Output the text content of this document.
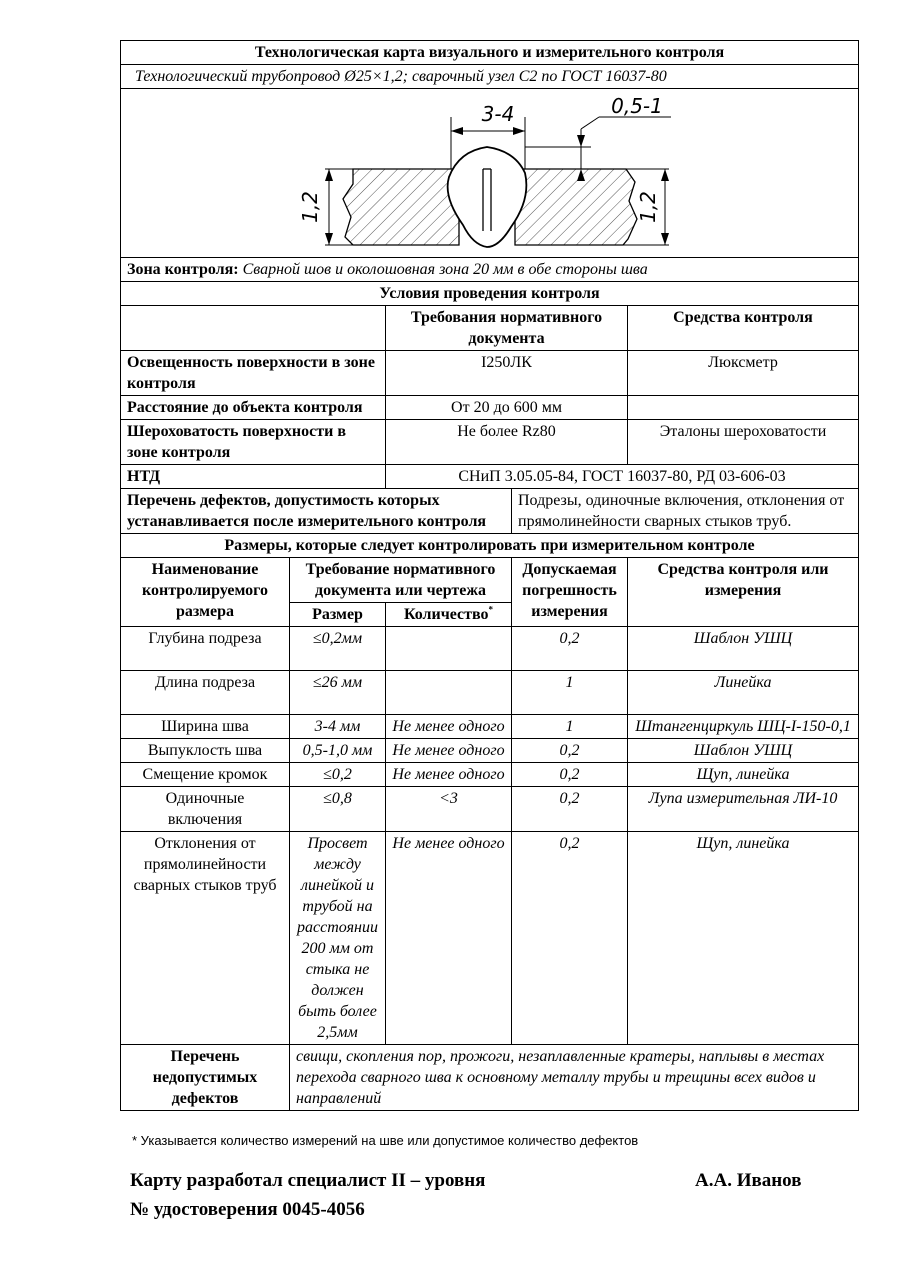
Технологическая карта визуального и измерительного контроля				
Технологический трубопровод Ø25×1,2; сварочный узел С2 по ГОСТ 16037-80				

3-4 0,5-1
1,2 1,2				

Зона контроля: Сварной шов и околошовная зона 20 мм в обе стороны шва				
Условия проведения контроля				
		Требования нормативного документа		Средства контроля
Освещенность поверхности в зоне контроля		I250ЛК		Люксметр
Расстояние до объекта контроля		От 20 до 600 мм		
Шероховатость поверхности в зоне контроля		Не более Rz80		Эталоны шероховатости
НТД		СНиП 3.05.05-84, ГОСТ 16037-80, РД 03-606-03		
Перечень дефектов, допустимость которых устанавливается после измерительного контроля			Подрезы, одиночные включения, отклонения от прямолинейности сварных стыков труб.	
Размеры, которые следует контролировать при измерительном контроле				
Наименование контролируемого размера	Требование нормативного документа или чертежа		Допускаемая погрешность измерения	Средства контроля или измерения
	Размер	Количество*
Глубина подреза	≤0,2мм		0,2	Шаблон УШЦ
Длина подреза	≤26 мм		1	Линейка
Ширина шва	3-4 мм	Не менее одного	1	Штангенциркуль ШЦ-I-150-0,1
Выпуклость шва	0,5-1,0 мм	Не менее одного	0,2	Шаблон УШЦ
Смещение кромок	≤0,2	Не менее одного	0,2	Щуп, линейка
Одиночные включения	≤0,8	<3	0,2	Лупа измерительная ЛИ-10
Отклонения от прямолинейности сварных стыков труб	Просвет между линейкой и трубой на расстоянии 200 мм от стыка не должен быть более 2,5мм	Не менее одного	0,2	Щуп, линейка
Перечень недопустимых дефектов	свищи, скопления пор, прожоги, незаплавленные кратеры, наплывы в местах перехода сварного шва к основному металлу трубы и трещины всех видов и направлений			
* Указывается количество измерений на шве или допустимое количество дефектов
Карту разработал специалист II – уровня	А.А. Иванов
№ удостоверения 0045-4056
